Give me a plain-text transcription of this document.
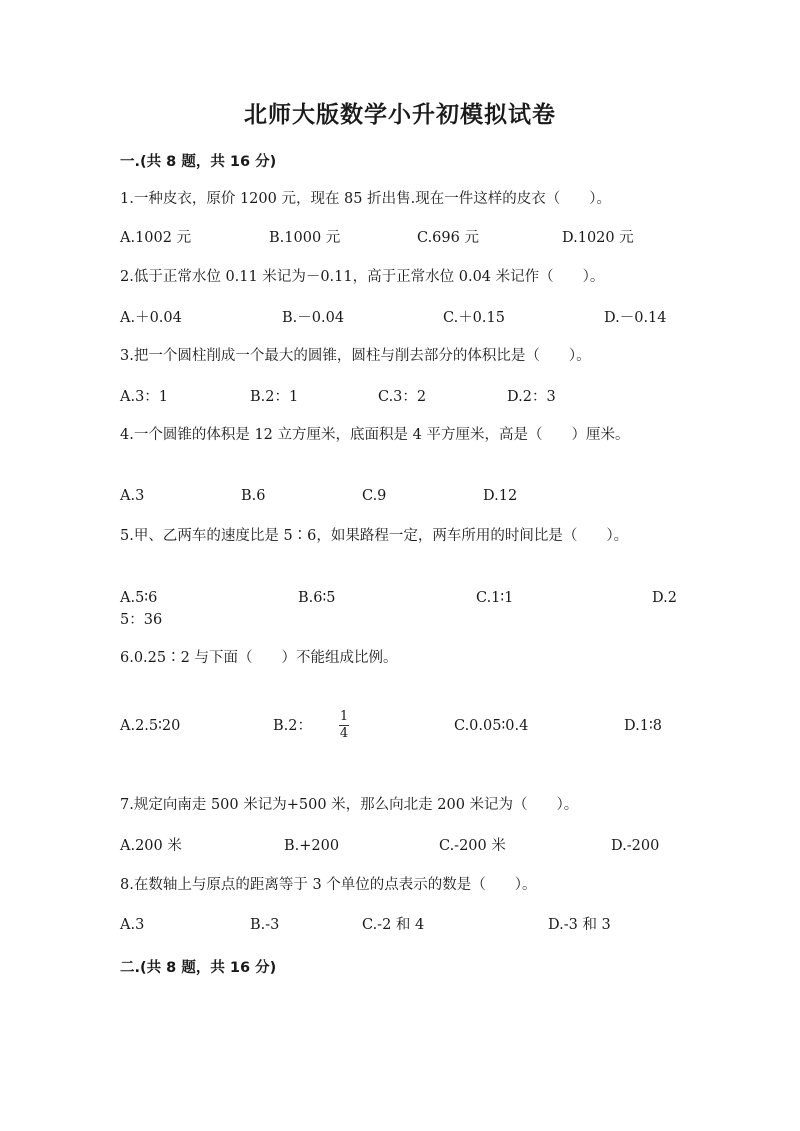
北师大版数学小升初模拟试卷
一.(共 8 题，共 16 分)
1.一种皮衣，原价 1200 元，现在 85 折出售.现在一件这样的皮衣（　　）。
A.1002 元	B.1000 元	C.696 元	D.1020 元
2.低于正常水位 0.11 米记为－0.11，高于正常水位 0.04 米记作（　　）。
A.＋0.04	B.－0.04	C.＋0.15	D.－0.14
3.把一个圆柱削成一个最大的圆锥，圆柱与削去部分的体积比是（　　）。
A.3：1	B.2：1	C.3：2	D.2：3
4.一个圆锥的体积是 12 立方厘米，底面积是 4 平方厘米，高是（　　）厘米。
A.3	B.6	C.9	D.12
5.甲、乙两车的速度比是 5∶6，如果路程一定，两车所用的时间比是（　　）。
A.5∶6	B.6∶5	C.1∶1	D.2
5：36
6.0.25∶2 与下面（　　）不能组成比例。
A.2.5∶20	B.2：
1
4	C.0.05∶0.4	D.1∶8
7.规定向南走 500 米记为+500 米，那么向北走 200 米记为（　　）。
A.200 米	B.+200	C.-200 米	D.-200
8.在数轴上与原点的距离等于 3 个单位的点表示的数是（　　）。
A.3	B.-3	C.-2 和 4	D.-3 和 3
二.(共 8 题，共 16 分)
